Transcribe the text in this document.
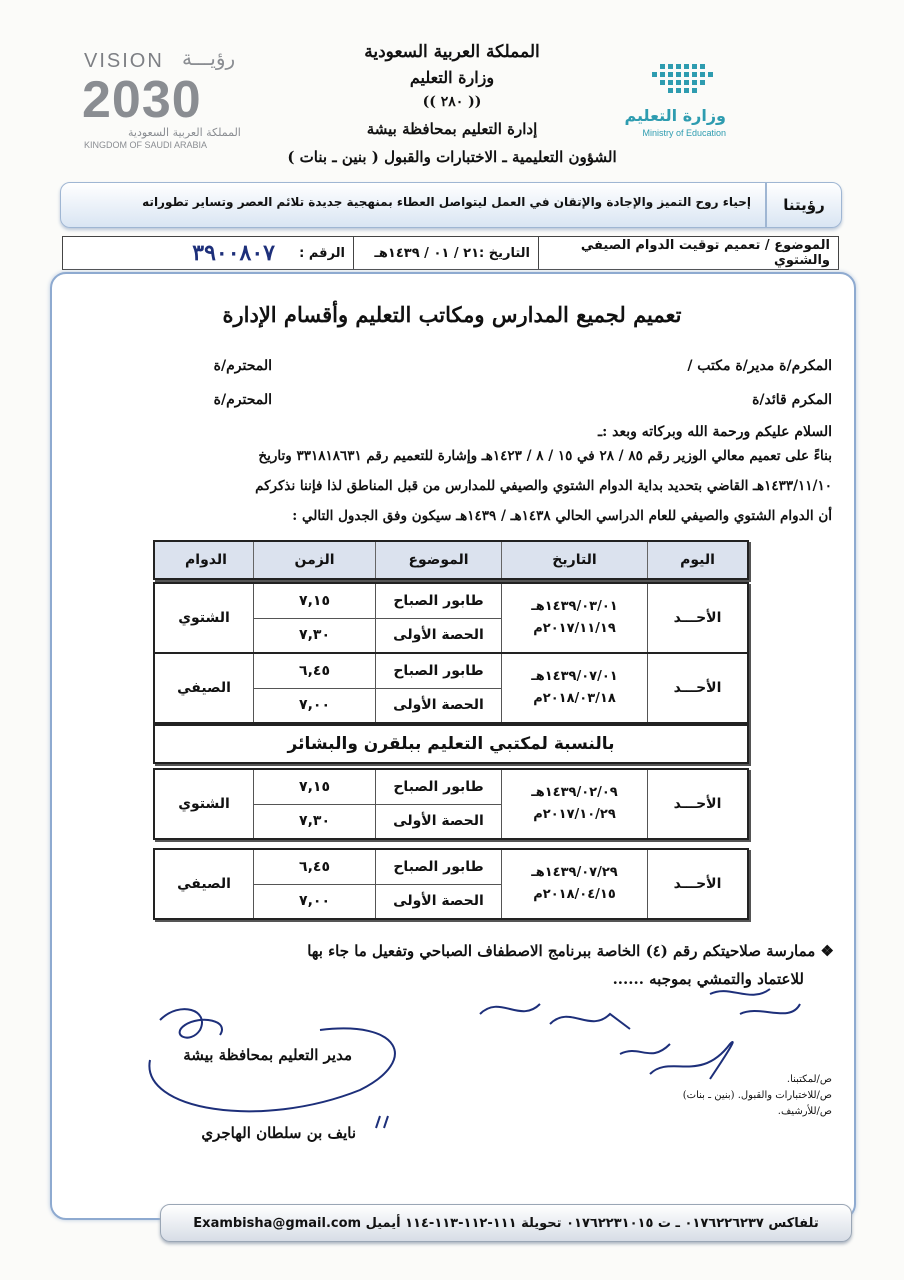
المملكة العربية السعودية
وزارة التعليم
(( ٢٨٠ ))
إدارة التعليم بمحافظة بيشة
الشؤون التعليمية ـ الاختبارات والقبول ( بنين ـ بنات )
وزارة التعليم
Ministry of Education
VISION رؤيـــة
2030
المملكة العربية السعودية
KINGDOM OF SAUDI ARABIA
رؤيتنا
إحياء روح التميز والإجادة والإتقان في العمل ليتواصل العطاء بمنهجية جديدة تلائم العصر وتساير تطوراته
الموضوع / تعميم توقيت الدوام الصيفي والشتوي
التاريخ :٢١ / ٠١ / ١٤٣٩هـ
الرقم :
٣٩٠٠٨٠٧
تعميم لجميع المدارس ومكاتب التعليم وأقسام الإدارة
المكرم/ة مدير/ة مكتب /
المحترم/ة
المكرم قائد/ة
المحترم/ة
السلام عليكم ورحمة الله وبركاته وبعد :ـ
بناءً على تعميم معالي الوزير رقم ٨٥ / ٢٨ في ١٥ / ٨ / ١٤٢٣هـ وإشارة للتعميم رقم ٣٣١٨١٨٦٣١ وتاريخ
١٤٣٣/١١/١٠هـ القاضي بتحديد بداية الدوام الشتوي والصيفي للمدارس من قبل المناطق لذا فإننا نذكركم
أن الدوام الشتوي والصيفي للعام الدراسي الحالي ١٤٣٨هـ / ١٤٣٩هـ سيكون وفق الجدول التالي :
اليوم
التاريخ
الموضوع
الزمن
الدوام
الأحـــد
١٤٣٩/٠٣/٠١هـ
٢٠١٧/١١/١٩م
طابور الصباح
الحصة الأولى
٧,١٥
٧,٣٠
الشتوي
الأحـــد
١٤٣٩/٠٧/٠١هـ
٢٠١٨/٠٣/١٨م
طابور الصباح
الحصة الأولى
٦,٤٥
٧,٠٠
الصيفي
بالنسبة لمكتبي التعليم ببلقرن والبشائر
الأحـــد
١٤٣٩/٠٢/٠٩هـ
٢٠١٧/١٠/٢٩م
طابور الصباح
الحصة الأولى
٧,١٥
٧,٣٠
الشتوي
الأحـــد
١٤٣٩/٠٧/٢٩هـ
٢٠١٨/٠٤/١٥م
طابور الصباح
الحصة الأولى
٦,٤٥
٧,٠٠
الصيفي
❖ ممارسة صلاحيتكم رقم (٤) الخاصة ببرنامج الاصطفاف الصباحي وتفعيل ما جاء بها
للاعتماد والتمشي بموجبه ......
مدير التعليم بمحافظة بيشة
نايف بن سلطان الهاجري
ص/لمكتبنا.
ص/للاختبارات والقبول. (بنين ـ بنات)
ص/للأرشيف.
تلفاكس ٠١٧٦٢٢٦٢٣٧ ـ ت ٠١٧٦٢٢٣١٠١٥ تحويلة ١١١-١١٢-١١٣-١١٤ أيميل Exambisha@gmail.com
